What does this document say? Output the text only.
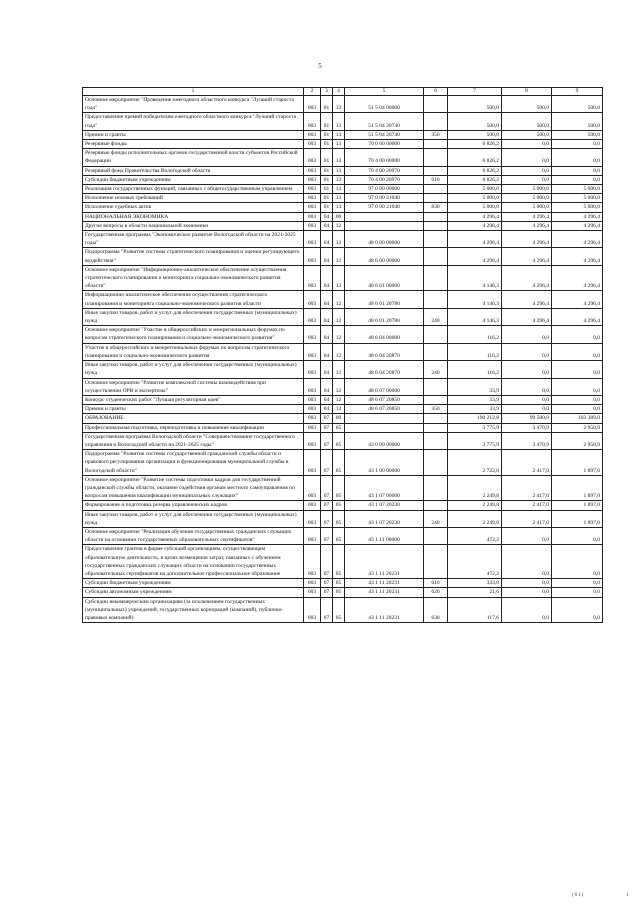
5
1	2	3	4	5	6	7	8	9
Основное мероприятие "Проведение ежегодного областного конкурса "Лучший староста года"	003	01	13	51 5 04 00000		500,0	500,0	500,0
Предоставление премий победителям ежегодного областного конкурса "Лучший староста года"	003	01	13	51 5 04 20740		500,0	500,0	500,0
Премии и гранты	003	01	13	51 5 04 20740	350	500,0	500,0	500,0
Резервные фонды	003	01	13	70 0 00 00000		6 826,2	0,0	0,0
Резервные фонды исполнительных органов государственной власти субъектов Российской Федерации	003	01	13	70 4 00 00000		6 826,2	0,0	0,0
Резервный фонд Правительства Вологодской области	003	01	13	70 4 00 20970		6 826,2	0,0	0,0
Субсидии бюджетным учреждениям	003	01	13	70 4 00 20970	610	6 826,2	0,0	0,0
Реализация государственных функций, связанных с общегосударственным управлением	003	01	13	97 0 00 00000		5 000,0	5 000,0	5 000,0
Исполнение исковых требований	003	01	13	97 0 00 21040		5 000,0	5 000,0	5 000,0
Исполнение судебных актов	003	01	13	97 0 00 21040	830	5 000,0	5 000,0	5 000,0
НАЦИОНАЛЬНАЯ ЭКОНОМИКА	003	04	00			4 296,4	4 296,4	4 296,4
Другие вопросы в области национальной экономики	003	04	12			4 296,4	4 296,4	4 296,4
Государственная программа "Экономическое развитие Вологодской области на 2021-2025 годы"	003	04	12	48 0 00 00000		4 296,4	4 296,4	4 296,4
Подпрограмма "Развитие системы стратегического планирования и оценки регулирующего воздействия"	003	04	12	48 6 00 00000		4 296,4	4 296,4	4 296,4
Основное мероприятие "Информационно-аналитическое обеспечение осуществления стратегического планирования и мониторинга социально-экономического развития области"	003	04	12	48 6 01 00000		4 146,3	4 296,4	4 296,4
Информационно-аналитическое обеспечение осуществления стратегического планирования и мониторинга социально-экономического развития области	003	04	12	48 6 01 20780		4 146,3	4 296,4	4 296,4
Иные закупки товаров, работ и услуг для обеспечения государственных (муниципальных) нужд	003	04	12	48 6 01 20780	240	4 146,3	4 296,4	4 296,4
Основное мероприятие "Участие в общероссийских и межрегиональных форумах по вопросам стратегического планирования и социально-экономического развития"	003	04	12	48 6 04 00000		116,2	0,0	0,0
Участие в общероссийских и межрегиональных форумах по вопросам стратегического планирования и социально-экономического развития	003	04	12	48 6 04 20870		116,2	0,0	0,0
Иные закупки товаров, работ и услуг для обеспечения государственных (муниципальных) нужд	003	04	12	48 6 04 20870	240	116,2	0,0	0,0
Основное мероприятие "Развитие комплексной системы взаимодействия при осуществлении ОРВ и экспертизы"	003	04	12	48 6 07 00000		33,9	0,0	0,0
Конкурс студенческих работ "Лучшая регуляторная идея"	003	04	12	48 6 07 20850		33,9	0,0	0,0
Премии и гранты	003	04	12	48 6 07 20850	350	33,9	0,0	0,0
ОБРАЗОВАНИЕ	003	07	00			190 212,8	99 500,0	103 389,0
Профессиональная подготовка, переподготовка и повышение квалификации	003	07	05			3 775,9	3 470,9	2 950,9
Государственная программа Вологодской области "Совершенствование государственного управления в Вологодской области на 2021-2025 годы"	003	07	05	43 0 00 00000		3 775,9	3 470,9	2 950,9
Подпрограмма "Развитие системы государственной гражданской службы области и правового регулирования организации и функционирования муниципальной службы в Вологодской области"	003	07	05	43 1 00 00000		2 722,0	2 417,0	1 897,0
Основное мероприятие "Развитие системы подготовки кадров для государственной гражданской службы области, оказание содействия органам местного самоуправления по вопросам повышения квалификации муниципальных служащих"	003	07	05	43 1 07 00000		2 249,8	2 417,0	1 897,0
Формирование и подготовка резерва управленческих кадров	003	07	05	43 1 07 20230		2 249,8	2 417,0	1 897,0
Иные закупки товаров, работ и услуг для обеспечения государственных (муниципальных) нужд	003	07	05	43 1 07 20230	240	2 249,8	2 417,0	1 897,0
Основное мероприятие "Реализация обучения государственных гражданских служащих области на основании государственных образовательных сертификатов"	003	07	05	43 1 11 00000		472,2	0,0	0,0
Предоставление грантов в форме субсидий организациям, осуществляющим образовательную деятельность, в целях возмещения затрат, связанных с обучением государственных гражданских служащих области на основании государственных образовательных сертификатов на дополнительное профессиональное образование	003	07	05	43 1 11 20231		472,2	0,0	0,0
Субсидии бюджетным учреждениям	003	07	05	43 1 11 20231	610	333,0	0,0	0,0
Субсидии автономным учреждениям	003	07	05	43 1 11 20231	620	21,6	0,0	0,0
Субсидии некоммерческим организациям (за исключением государственных (муниципальных) учреждений, государственных корпораций (компаний), публично-правовых компаний)	003	07	05	43 1 11 20231	630	117,6	0,0	0,0
(61)	1
